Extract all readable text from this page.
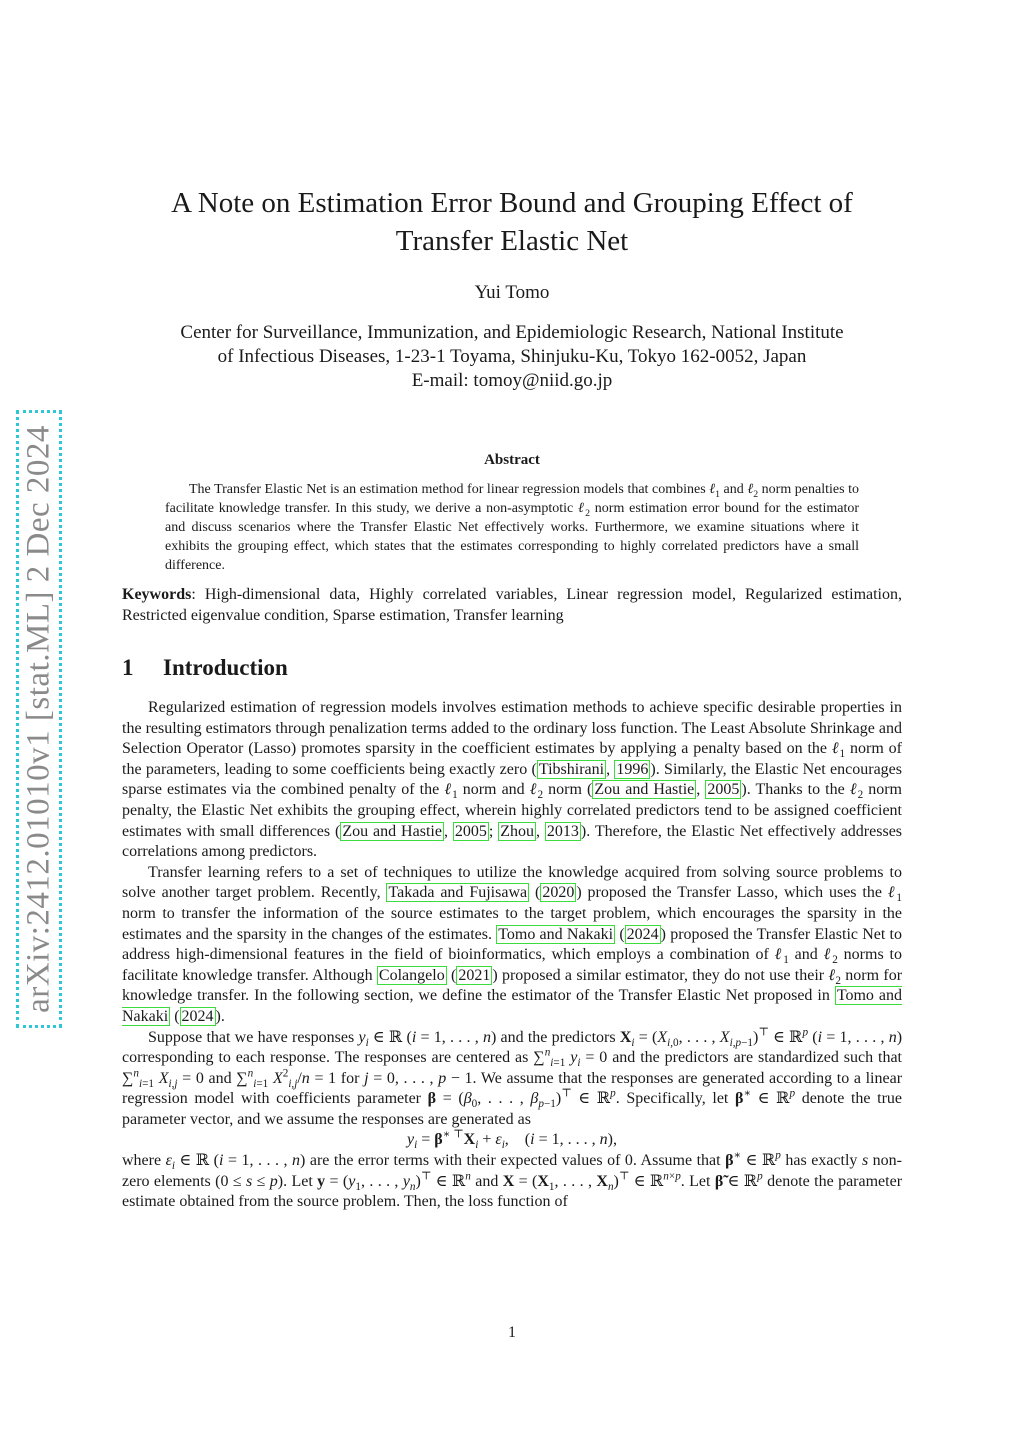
arXiv:2412.01010v1 [stat.ML] 2 Dec 2024
A Note on Estimation Error Bound and Grouping Effect of
Transfer Elastic Net
Yui Tomo
Center for Surveillance, Immunization, and Epidemiologic Research, National Institute
of Infectious Diseases, 1-23-1 Toyama, Shinjuku-Ku, Tokyo 162-0052, Japan
E-mail: tomoy@niid.go.jp
Abstract
The Transfer Elastic Net is an estimation method for linear regression models that combines ℓ$_1$ and ℓ$_2$ norm penalties to facilitate knowledge transfer. In this study, we derive a non-asymptotic ℓ$_2$ norm estimation error bound for the estimator and discuss scenarios where the Transfer Elastic Net effectively works. Furthermore, we examine situations where it exhibits the grouping effect, which states that the estimates corresponding to highly correlated predictors have a small difference.
Keywords: High-dimensional data, Highly correlated variables, Linear regression model, Regularized estimation, Restricted eigenvalue condition, Sparse estimation, Transfer learning
1 Introduction

Regularized estimation of regression models involves estimation methods to achieve specific desirable properties in the resulting estimators through penalization terms added to the ordinary loss function. The Least Absolute Shrinkage and Selection Operator (Lasso) promotes sparsity in the coefficient estimates by applying a penalty based on the ℓ$_1$ norm of the parameters, leading to some coefficients being exactly zero ( Tibshirani , 1996 ). Similarly, the Elastic Net encourages sparse estimates via the combined penalty of the ℓ$_1$ norm and ℓ$_2$ norm ( Zou and Hastie , 2005 ). Thanks to the ℓ$_2$ norm penalty, the Elastic Net exhibits the grouping effect, wherein highly correlated predictors tend to be assigned coefficient estimates with small differences ( Zou and Hastie , 2005 ; Zhou , 2013 ). Therefore, the Elastic Net effectively addresses correlations among predictors.

Transfer learning refers to a set of techniques to utilize the knowledge acquired from solving source problems to solve another target problem. Recently, Takada and Fujisawa ( 2020 ) proposed the Transfer Lasso, which uses the ℓ$_1$ norm to transfer the information of the source estimates to the target problem, which encourages the sparsity in the estimates and the sparsity in the changes of the estimates. Tomo and Nakaki ( 2024 ) proposed the Transfer Elastic Net to address high-dimensional features in the field of bioinformatics, which employs a combination of ℓ$_1$ and ℓ$_2$ norms to facilitate knowledge transfer. Although Colangelo ( 2021 ) proposed a similar estimator, they do not use their ℓ$_2$ norm for knowledge transfer. In the following section, we define the estimator of the Transfer Elastic Net proposed in Tomo and Nakaki ( 2024 ).

Suppose that we have responses $y_i$ ∈ ℝ (i = 1, . . . , n) and the predictors $X_i = (X_{i,0}$, . . . , $X_{i,p-1})^⊤$ ∈ ℝ$^p$ (i = 1, . . . , n) corresponding to each response. The responses are centered as ∑$^n_{i=1}$ $y_i = 0$ and the predictors are standardized such that ∑$^n_{i=1}$ $X_{i,j} = 0$ and ∑$^n_{i=1}$ $X^2_{i,j}/n = 1$ for j = 0, . . . , p − 1. We assume that the responses are generated according to a linear regression model with coefficients parameter $\beta = (\beta_0$, . . . , $\beta_{p-1})^⊤$ ∈ ℝ$^p$. Specifically, let β∗ ∈ ℝ$^p$ denote the true parameter vector, and we assume the responses are generated as

$y_i = \beta^{∗ ⊤}X_i + \varepsilon_i$,    (i = 1, . . . , n),

where $\varepsilon_i$ ∈ ℝ (i = 1, . . . , n) are the error terms with their expected values of 0. Assume that β∗ ∈ ℝ$^p$ has exactly s non-zero elements (0 ≤ s ≤ p). Let $y = (y_1$, . . . , $y_n)^⊤$ ∈ ℝ$^n$ and $X = (X_1$, . . . , $X_n)^⊤$ ∈ ℝ$^{n\times p}$. Let β̃ ∈ ℝ$^p$ denote the parameter estimate obtained from the source problem. Then, the loss function of

1
